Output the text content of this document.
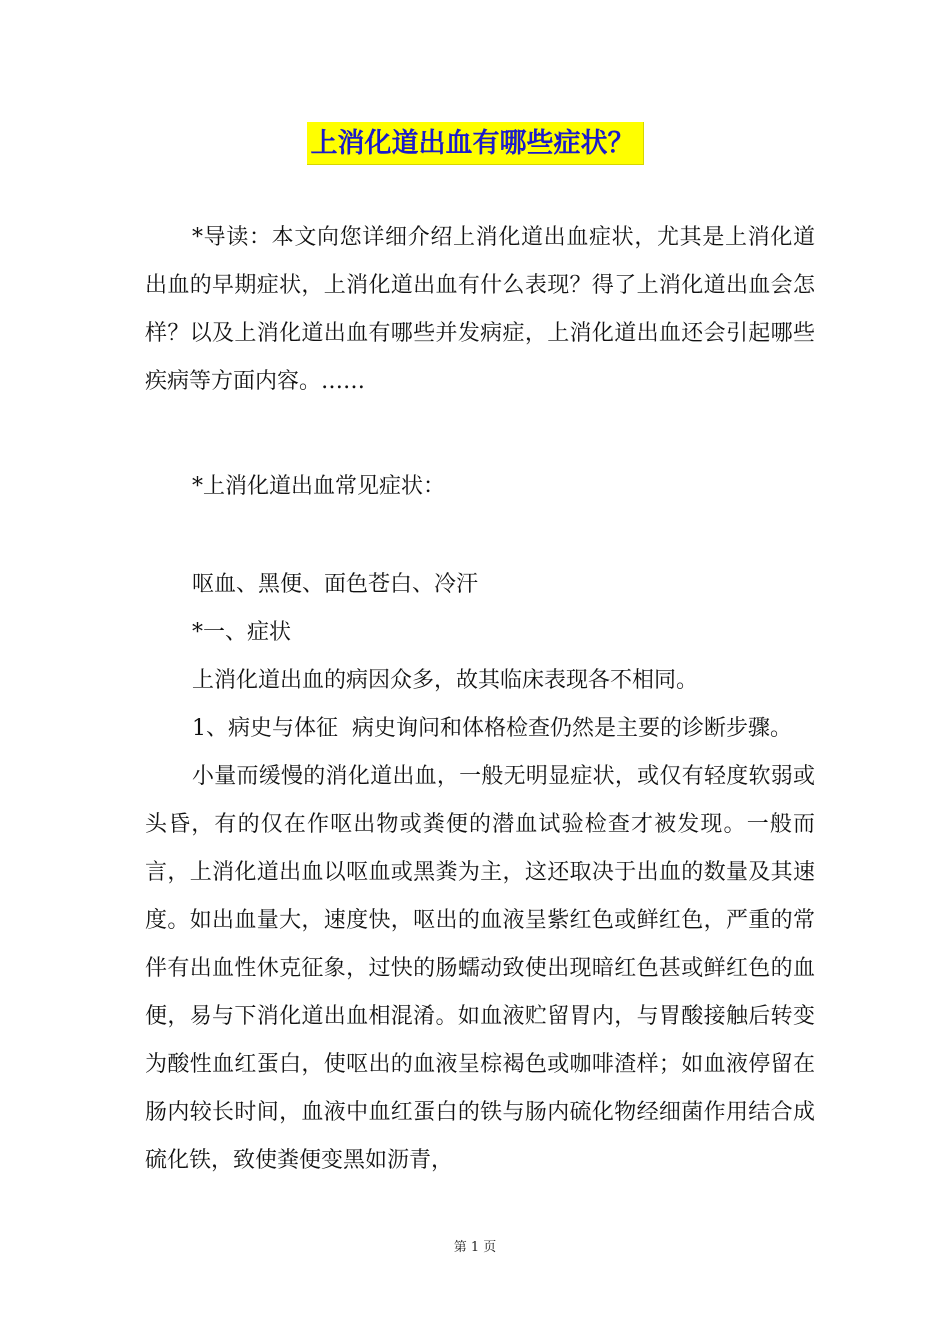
上消化道出血有哪些症状？

*导读：本文向您详细介绍上消化道出血症状，尤其是上消化道出血的早期症状，上消化道出血有什么表现？得了上消化道出血会怎样？以及上消化道出血有哪些并发病症，上消化道出血还会引起哪些疾病等方面内容。……

*上消化道出血常见症状：

呕血、黑便、面色苍白、冷汗

*一、症状

上消化道出血的病因众多，故其临床表现各不相同。

1、病史与体征  病史询问和体格检查仍然是主要的诊断步骤。

小量而缓慢的消化道出血，一般无明显症状，或仅有轻度软弱或头昏，有的仅在作呕出物或粪便的潜血试验检查才被发现。一般而言，上消化道出血以呕血或黑粪为主，这还取决于出血的数量及其速度。如出血量大，速度快，呕出的血液呈紫红色或鲜红色，严重的常伴有出血性休克征象，过快的肠蠕动致使出现暗红色甚或鲜红色的血便，易与下消化道出血相混淆。如血液贮留胃内，与胃酸接触后转变为酸性血红蛋白，使呕出的血液呈棕褐色或咖啡渣样；如血液停留在肠内较长时间，血液中血红蛋白的铁与肠内硫化物经细菌作用结合成硫化铁，致使粪便变黑如沥青，

第 1 页
